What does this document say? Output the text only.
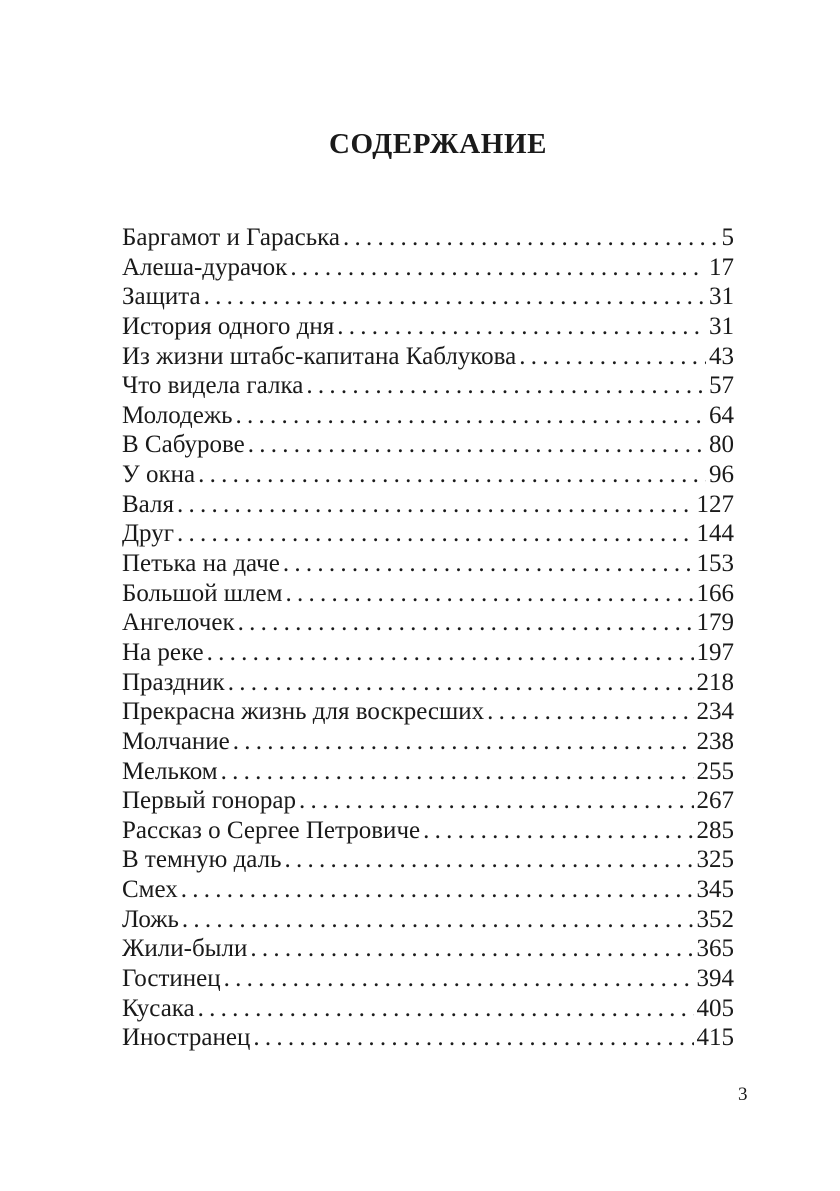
СОДЕРЖАНИЕ
Баргамот и Гараська . . .	5
Алеша-дурачок . . .	17
Защита . . .	31
История одного дня . . .	31
Из жизни штабс-капитана Каблукова . . .	43
Что видела галка . . .	57
Молодежь . . .	64
В Сабурове . . .	80
У окна . . .	96
Валя . . .	127
Друг . . .	144
Петька на даче . . .	153
Большой шлем . . .	166
Ангелочек . . .	179
На реке . . .	197
Праздник . . .	218
Прекрасна жизнь для воскресших . . .	234
Молчание . . .	238
Мельком . . .	255
Первый гонорар . . .	267
Рассказ о Сергее Петровиче . . .	285
В темную даль . . .	325
Смех . . .	345
Ложь . . .	352
Жили-были . . .	365
Гостинец . . .	394
Кусака . . .	405
Иностранец . . .	415
3
